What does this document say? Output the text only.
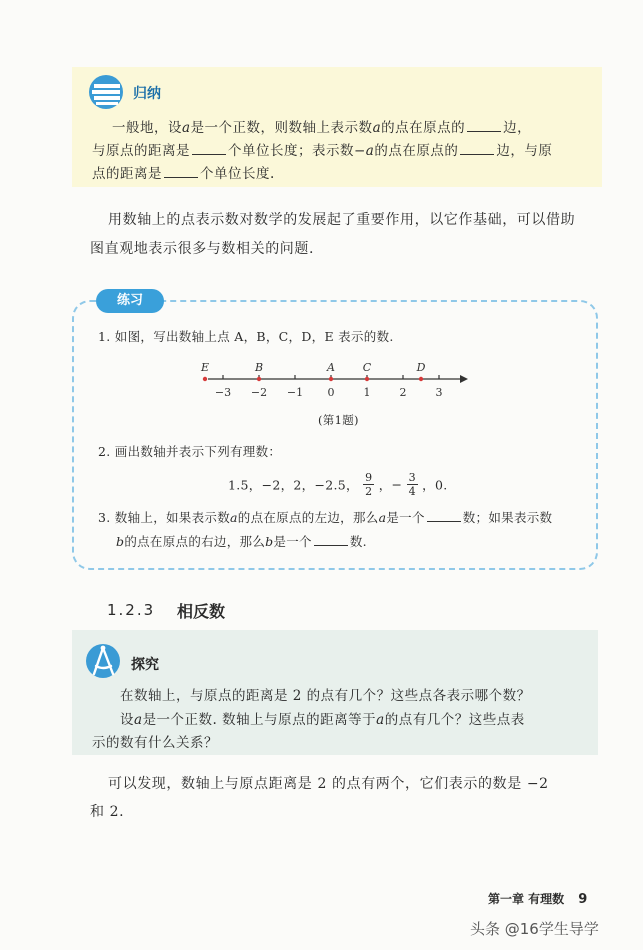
归纳
一般地，设a是一个正数，则数轴上表示数a的点在原点的	边，
与原点的距离是	个单位长度；表示数−a的点在原点的	边，与原
点的距离是	个单位长度.
用数轴上的点表示数对数学的发展起了重要作用，以它作基础，可以借助
图直观地表示很多与数相关的问题.
练习
1. 如图，写出数轴上点 A，B，C，D，E 表示的数.
−3 −2 −1 0	1	2	3
E	B	A	C	D
(第1题)
2. 画出数轴并表示下列有理数：
1.5，−2，2，−2.5， $\frac{9}{2}$ ，− $\frac{3}{4}$ ，0.
3. 数轴上，如果表示数a的点在原点的左边，那么a是一个	数；如果表示数
b的点在原点的右边，那么b是一个	数.
1.2.3 相反数
探究
在数轴上，与原点的距离是 2 的点有几个？这些点各表示哪个数？
设a是一个正数. 数轴上与原点的距离等于a的点有几个？这些点表
示的数有什么关系？
可以发现，数轴上与原点距离是 2 的点有两个，它们表示的数是 −2
和 2.
第一章 有理数 9
头条 @16学生导学
